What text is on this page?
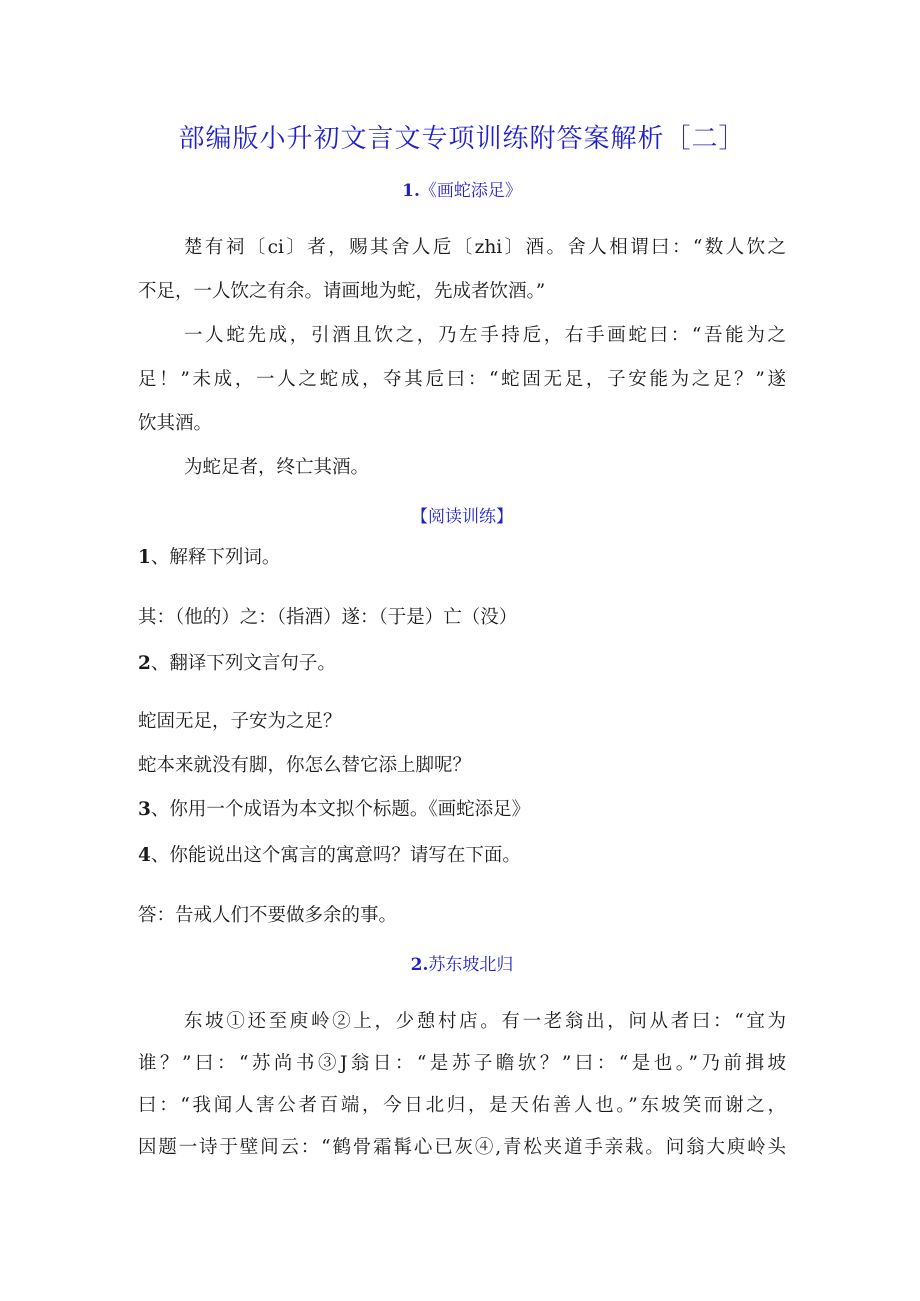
部编版小升初文言文专项训练附答案解析［二］
1.《画蛇添足》
楚有祠〔ci〕者，赐其舍人卮〔zhi〕酒。舍人相谓曰：“数人饮之
不足，一人饮之有余。请画地为蛇，先成者饮酒。”
一人蛇先成，引酒且饮之，乃左手持卮，右手画蛇曰：“吾能为之
足！”未成，一人之蛇成，夺其卮曰：“蛇固无足，子安能为之足？”遂
饮其酒。
为蛇足者，终亡其酒。
【阅读训练】
1、解释下列词。
其：（他的）之：（指酒）遂：（于是）亡（没）
2、翻译下列文言句子。
蛇固无足，子安为之足？
蛇本来就没有脚，你怎么替它添上脚呢？
3、你用一个成语为本文拟个标题。《画蛇添足》
4、你能说出这个寓言的寓意吗？请写在下面。
答：告戒人们不要做多余的事。
2.苏东坡北归
东坡①还至庾岭②上，少憩村店。有一老翁出，问从者曰：“宜为
谁？”曰：“苏尚书③J翁日：“是苏子瞻欤？”曰：“是也。”乃前揖坡
曰：“我闻人害公者百端，今日北归，是天佑善人也。”东坡笑而谢之，
因题一诗于壁间云：“鹤骨霜髯心已灰④,青松夹道手亲栽。问翁大庾岭头
